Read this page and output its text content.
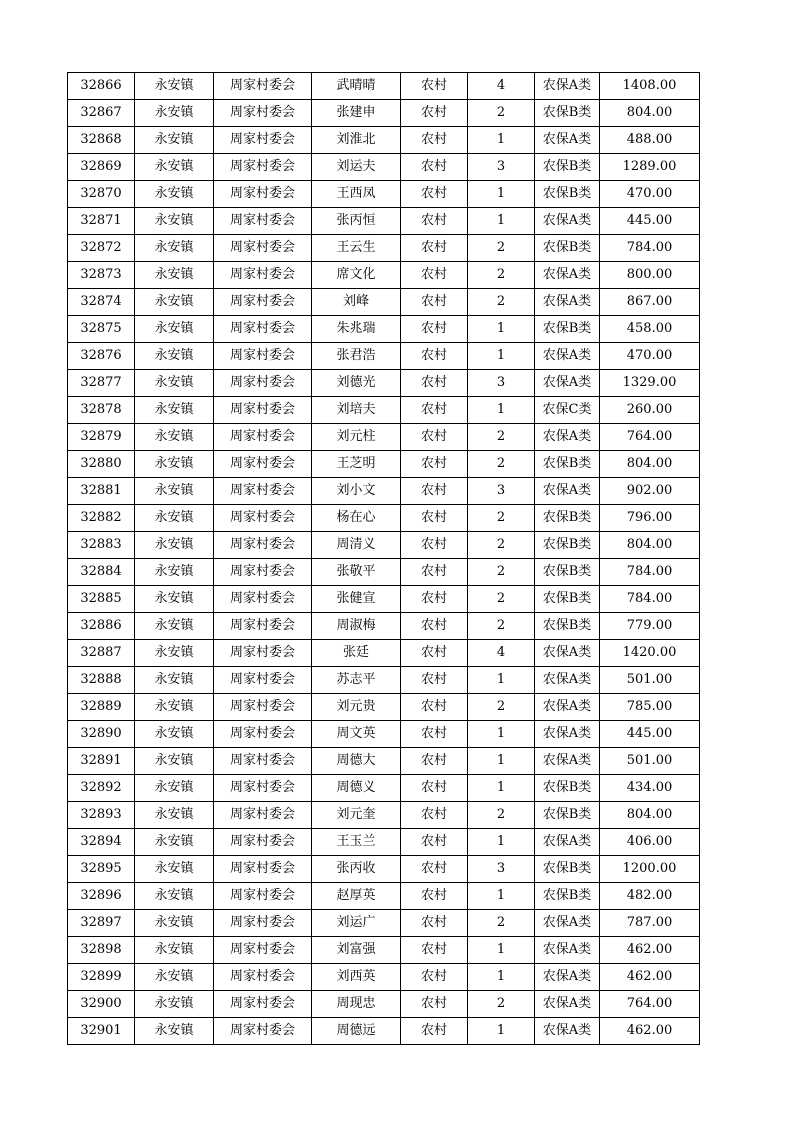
32866	永安镇	周家村委会	武晴晴	农村	4	农保A类	1408.00
32867	永安镇	周家村委会	张建申	农村	2	农保B类	804.00
32868	永安镇	周家村委会	刘淮北	农村	1	农保A类	488.00
32869	永安镇	周家村委会	刘运夫	农村	3	农保B类	1289.00
32870	永安镇	周家村委会	王西凤	农村	1	农保B类	470.00
32871	永安镇	周家村委会	张丙恒	农村	1	农保A类	445.00
32872	永安镇	周家村委会	王云生	农村	2	农保B类	784.00
32873	永安镇	周家村委会	席文化	农村	2	农保A类	800.00
32874	永安镇	周家村委会	刘峰	农村	2	农保A类	867.00
32875	永安镇	周家村委会	朱兆瑞	农村	1	农保B类	458.00
32876	永安镇	周家村委会	张君浩	农村	1	农保A类	470.00
32877	永安镇	周家村委会	刘德光	农村	3	农保A类	1329.00
32878	永安镇	周家村委会	刘培夫	农村	1	农保C类	260.00
32879	永安镇	周家村委会	刘元柱	农村	2	农保A类	764.00
32880	永安镇	周家村委会	王芝明	农村	2	农保B类	804.00
32881	永安镇	周家村委会	刘小文	农村	3	农保A类	902.00
32882	永安镇	周家村委会	杨在心	农村	2	农保B类	796.00
32883	永安镇	周家村委会	周清义	农村	2	农保B类	804.00
32884	永安镇	周家村委会	张敬平	农村	2	农保B类	784.00
32885	永安镇	周家村委会	张健宣	农村	2	农保B类	784.00
32886	永安镇	周家村委会	周淑梅	农村	2	农保B类	779.00
32887	永安镇	周家村委会	张廷	农村	4	农保A类	1420.00
32888	永安镇	周家村委会	苏志平	农村	1	农保A类	501.00
32889	永安镇	周家村委会	刘元贵	农村	2	农保A类	785.00
32890	永安镇	周家村委会	周文英	农村	1	农保A类	445.00
32891	永安镇	周家村委会	周德大	农村	1	农保A类	501.00
32892	永安镇	周家村委会	周德义	农村	1	农保B类	434.00
32893	永安镇	周家村委会	刘元奎	农村	2	农保B类	804.00
32894	永安镇	周家村委会	王玉兰	农村	1	农保A类	406.00
32895	永安镇	周家村委会	张丙收	农村	3	农保B类	1200.00
32896	永安镇	周家村委会	赵厚英	农村	1	农保B类	482.00
32897	永安镇	周家村委会	刘运广	农村	2	农保A类	787.00
32898	永安镇	周家村委会	刘富强	农村	1	农保A类	462.00
32899	永安镇	周家村委会	刘西英	农村	1	农保A类	462.00
32900	永安镇	周家村委会	周现忠	农村	2	农保A类	764.00
32901	永安镇	周家村委会	周德远	农村	1	农保A类	462.00
